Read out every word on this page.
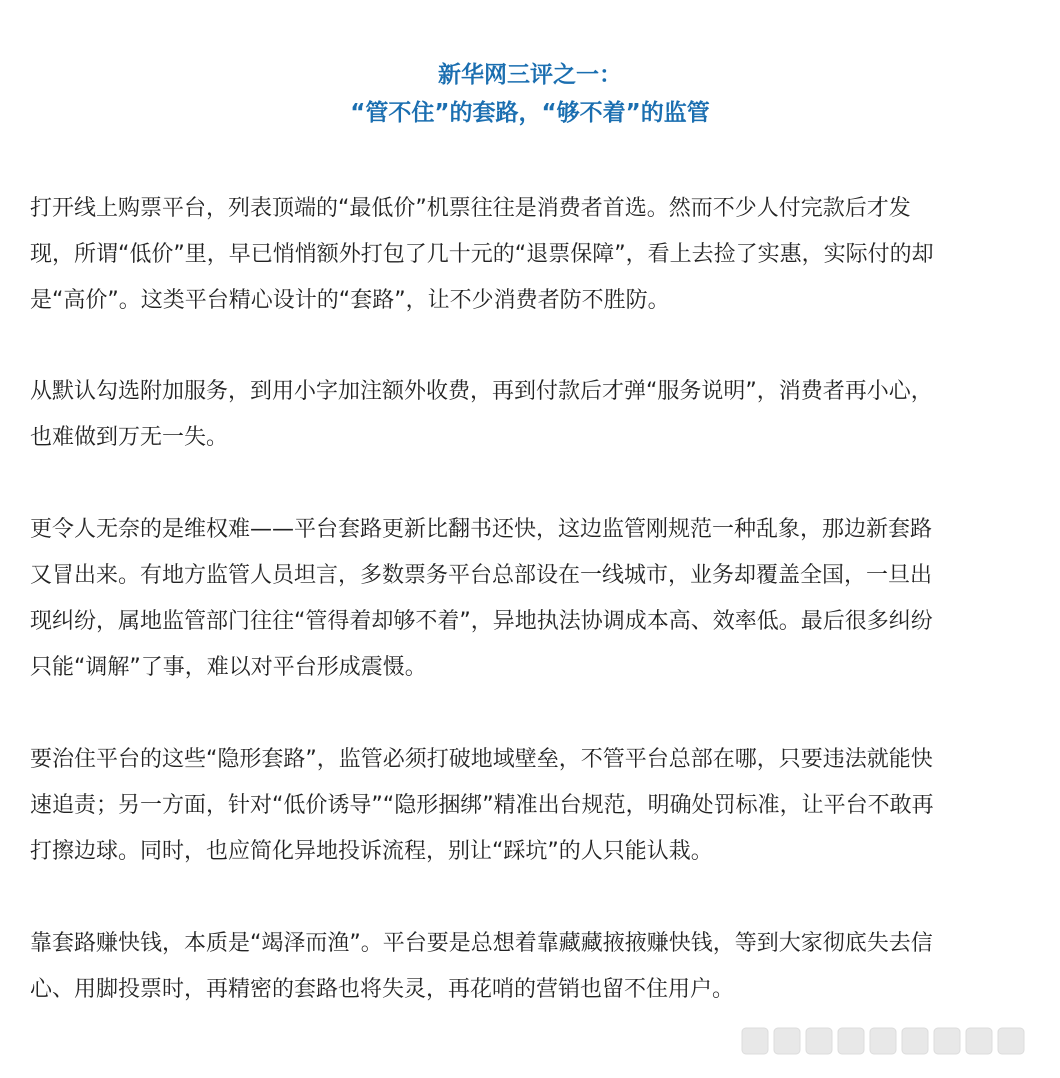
新华网三评之一：
“管不住”的套路，“够不着”的监管

打开线上购票平台，列表顶端的“最低价”机票往往是消费者首选。然而不少人付完款后才发
现，所谓“低价”里，早已悄悄额外打包了几十元的“退票保障”，看上去捡了实惠，实际付的却
是“高价”。这类平台精心设计的“套路”，让不少消费者防不胜防。

从默认勾选附加服务，到用小字加注额外收费，再到付款后才弹“服务说明”，消费者再小心，
也难做到万无一失。

更令人无奈的是维权难——平台套路更新比翻书还快，这边监管刚规范一种乱象，那边新套路
又冒出来。有地方监管人员坦言，多数票务平台总部设在一线城市，业务却覆盖全国，一旦出
现纠纷，属地监管部门往往“管得着却够不着”，异地执法协调成本高、效率低。最后很多纠纷
只能“调解”了事，难以对平台形成震慑。

要治住平台的这些“隐形套路”，监管必须打破地域壁垒，不管平台总部在哪，只要违法就能快
速追责；另一方面，针对“低价诱导”“隐形捆绑”精准出台规范，明确处罚标准，让平台不敢再
打擦边球。同时，也应简化异地投诉流程，别让“踩坑”的人只能认栽。

靠套路赚快钱，本质是“竭泽而渔”。平台要是总想着靠藏藏掖掖赚快钱，等到大家彻底失去信
心、用脚投票时，再精密的套路也将失灵，再花哨的营销也留不住用户。
